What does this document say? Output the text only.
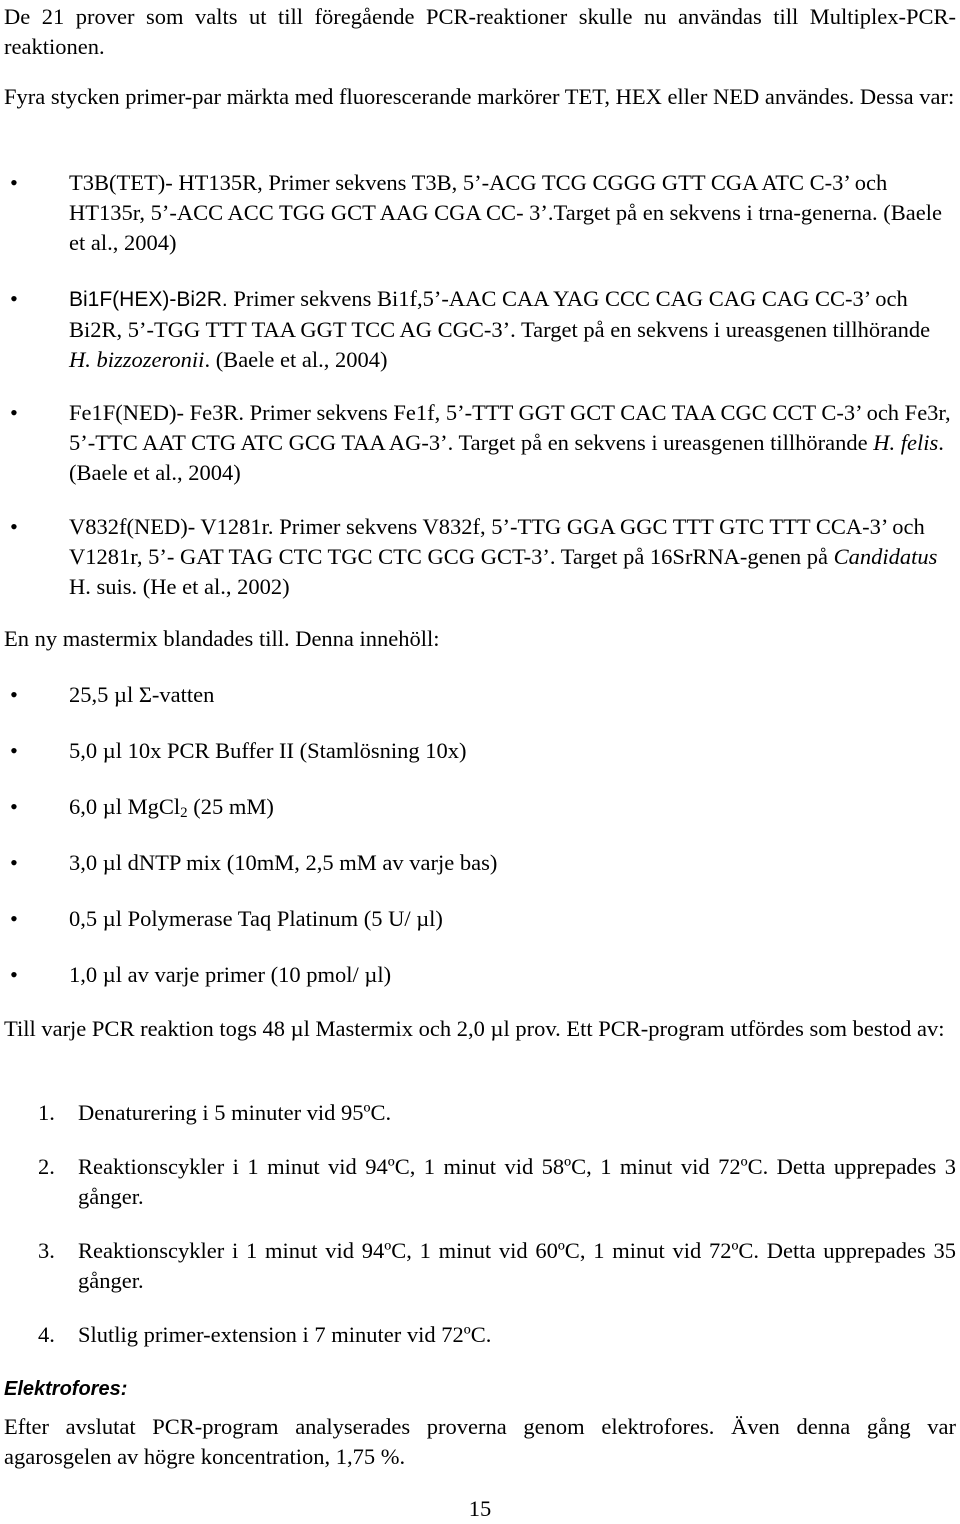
De 21 prover som valts ut till föregående PCR-reaktioner skulle nu användas till Multiplex-PCR-reaktionen.

Fyra stycken primer-par märkta med fluorescerande markörer TET, HEX eller NED användes. Dessa var:

• T3B(TET)- HT135R, Primer sekvens T3B, 5’-ACG TCG CGGG GTT CGA ATC C-3’ och HT135r, 5’-ACC ACC TGG GCT AAG CGA CC- 3’.Target på en sekvens i trna-generna. (Baele et al., 2004)
• Bi1F(HEX)-Bi2R. Primer sekvens Bi1f,5’-AAC CAA YAG CCC CAG CAG CAG CC-3’ och Bi2R, 5’-TGG TTT TAA GGT TCC AG CGC-3’. Target på en sekvens i ureasgenen tillhörande H. bizzozeronii. (Baele et al., 2004)
• Fe1F(NED)- Fe3R. Primer sekvens Fe1f, 5’-TTT GGT GCT CAC TAA CGC CCT C-3’ och Fe3r, 5’-TTC AAT CTG ATC GCG TAA AG-3’. Target på en sekvens i ureasgenen tillhörande H. felis. (Baele et al., 2004)
• V832f(NED)- V1281r. Primer sekvens V832f, 5’-TTG GGA GGC TTT GTC TTT CCA-3’ och V1281r, 5’- GAT TAG CTC TGC CTC GCG GCT-3’. Target på 16SrRNA-genen på Candidatus H. suis. (He et al., 2002)

En ny mastermix blandades till. Denna innehöll:

• 25,5 µl Σ-vatten
• 5,0 µl 10x PCR Buffer II (Stamlösning 10x)
• 6,0 µl MgCl$_2$ (25 mM)
• 3,0 µl dNTP mix (10mM, 2,5 mM av varje bas)
• 0,5 µl Polymerase Taq Platinum (5 U/ µl)
• 1,0 µl av varje primer (10 pmol/ µl)

Till varje PCR reaktion togs 48 µl Mastermix och 2,0 µl prov. Ett PCR-program utfördes som bestod av:

1. Denaturering i 5 minuter vid 95ºC.
2. Reaktionscykler i 1 minut vid 94ºC, 1 minut vid 58ºC, 1 minut vid 72ºC. Detta upprepades 3 gånger.
3. Reaktionscykler i 1 minut vid 94ºC, 1 minut vid 60ºC, 1 minut vid 72ºC. Detta upprepades 35 gånger.
4. Slutlig primer-extension i 7 minuter vid 72ºC.
Elektrofores:

Efter avslutat PCR-program analyserades proverna genom elektrofores. Även denna gång var agarosgelen av högre koncentration, 1,75 %.

15
